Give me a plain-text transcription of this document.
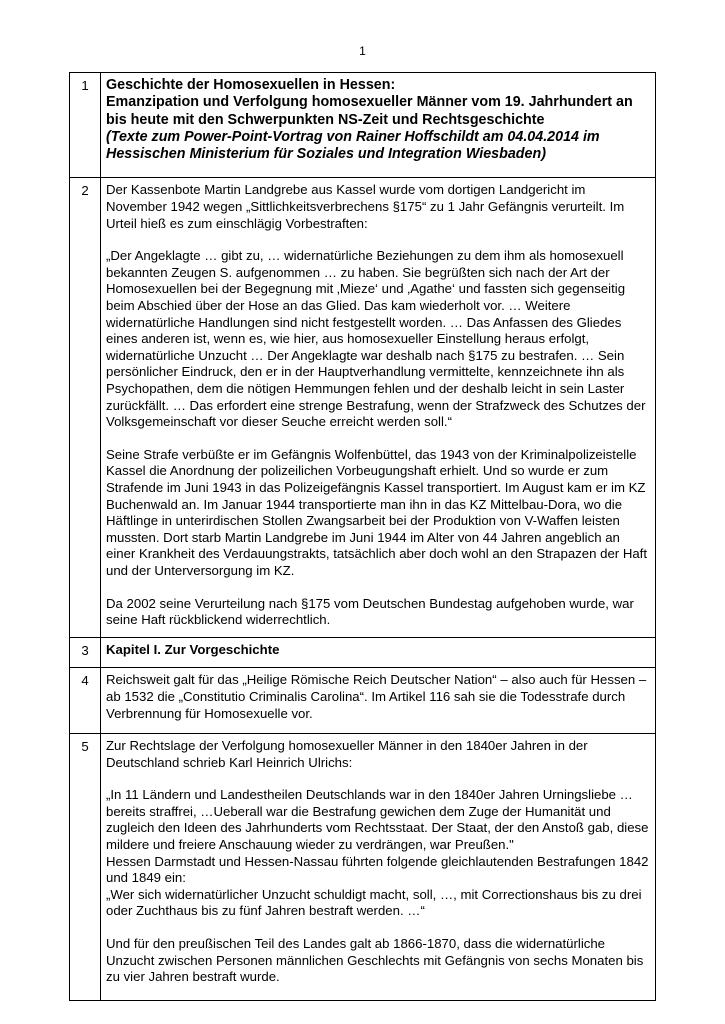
1
1	Geschichte der Homosexuellen in Hessen:
Emanzipation und Verfolgung homosexueller Männer vom 19. Jahrhundert an bis heute mit den Schwerpunkten NS-Zeit und Rechtsgeschichte
(Texte zum Power-Point-Vortrag von Rainer Hoffschildt am 04.04.2014 im Hessischen Ministerium für Soziales und Integration Wiesbaden)

2	Der Kassenbote Martin Landgrebe aus Kassel wurde vom dortigen Landgericht im November 1942 wegen „Sittlichkeitsverbrechens §175“ zu 1 Jahr Gefängnis verurteilt. Im Urteil hieß es zum einschlägig Vorbestraften:

„Der Angeklagte … gibt zu, … widernatürliche Beziehungen zu dem ihm als homosexuell bekannten Zeugen S. aufgenommen … zu haben. Sie begrüßten sich nach der Art der Homosexuellen bei der Begegnung mit ‚Mieze‘ und ‚Agathe‘ und fassten sich gegenseitig beim Abschied über der Hose an das Glied. Das kam wiederholt vor. … Weitere widernatürliche Handlungen sind nicht festgestellt worden. … Das Anfassen des Gliedes eines anderen ist, wenn es, wie hier, aus homosexueller Einstellung heraus erfolgt, widernatürliche Unzucht … Der Angeklagte war deshalb nach §175 zu bestrafen. … Sein persönlicher Eindruck, den er in der Hauptverhandlung vermittelte, kennzeichnete ihn als Psychopathen, dem die nötigen Hemmungen fehlen und der deshalb leicht in sein Laster zurückfällt. … Das erfordert eine strenge Bestrafung, wenn der Strafzweck des Schutzes der Volksgemeinschaft vor dieser Seuche erreicht werden soll.“

Seine Strafe verbüßte er im Gefängnis Wolfenbüttel, das 1943 von der Kriminalpolizeistelle Kassel die Anordnung der polizeilichen Vorbeugungshaft erhielt. Und so wurde er zum Strafende im Juni 1943 in das Polizeigefängnis Kassel transportiert. Im August kam er im KZ Buchenwald an. Im Januar 1944 transportierte man ihn in das KZ Mittelbau-Dora, wo die Häftlinge in unterirdischen Stollen Zwangsarbeit bei der Produktion von V-Waffen leisten mussten. Dort starb Martin Landgrebe im Juni 1944 im Alter von 44 Jahren angeblich an einer Krankheit des Verdauungstrakts, tatsächlich aber doch wohl an den Strapazen der Haft und der Unterversorgung im KZ.

Da 2002 seine Verurteilung nach §175 vom Deutschen Bundestag aufgehoben wurde, war seine Haft rückblickend widerrechtlich.

3	Kapitel I. Zur Vorgeschichte

4	Reichsweit galt für das „Heilige Römische Reich Deutscher Nation“ – also auch für Hessen – ab 1532 die „Constitutio Criminalis Carolina“. Im Artikel 116 sah sie die Todesstrafe durch Verbrennung für Homosexuelle vor.

5	Zur Rechtslage der Verfolgung homosexueller Männer in den 1840er Jahren in der Deutschland schrieb Karl Heinrich Ulrichs:

„In 11 Ländern und Landestheilen Deutschlands war in den 1840er Jahren Urningsliebe … bereits straffrei, …Ueberall war die Bestrafung gewichen dem Zuge der Humanität und zugleich den Ideen des Jahrhunderts vom Rechtsstaat. Der Staat, der den Anstoß gab, diese mildere und freiere Anschauung wieder zu verdrängen, war Preußen."

Hessen Darmstadt und Hessen-Nassau führten folgende gleichlautenden Bestrafungen 1842 und 1849 ein:

„Wer sich widernatürlicher Unzucht schuldigt macht, soll, …, mit Correctionshaus bis zu drei oder Zuchthaus bis zu fünf Jahren bestraft werden. …“

Und für den preußischen Teil des Landes galt ab 1866-1870, dass die widernatürliche Unzucht zwischen Personen männlichen Geschlechts mit Gefängnis von sechs Monaten bis zu vier Jahren bestraft wurde.
